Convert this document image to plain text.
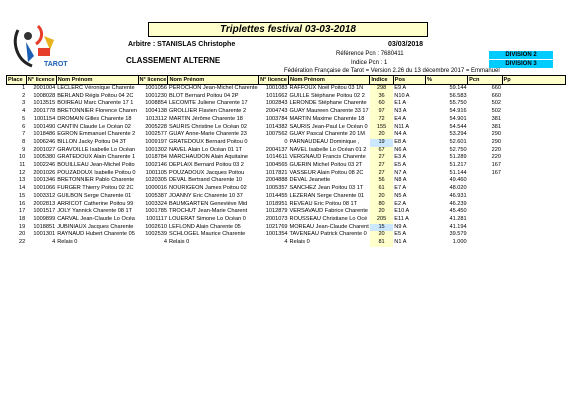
TAROT
Triplettes festival 03-03-2018
Arbitre : STANISLAS Christophe	03/03/2018
Référence Pcn : 7680411
Indice Pcn : 1
DIVISION 2
DIVISION 3
CLASSEMENT ALTERNE
Fédération Française de Tarot = Version 2.26 du 13 décembre 2017 = Emmanuel
Place	N° licence	Nom Prénom	N° licence	Nom Prénom	N° licence	Nom Prénom	Indice	Pos	%	Pcn	Pp
1	2001004	LECLERC Véronique Charente	1001056	PEROCHON Jean-Michel Charente	1001083	RAFFOUX Noël Poitou 03 1N	298	E9 A	59.144	660	
2	1008028	BERLAND Régis Poitou 04 2C	1001230	BLOT Bernard Poitou 04 2P	1011662	GUILLE Stéphane Poitou 02 2	36	N10 A	56.583	660	
3	1013515	BOIREAU Marc Charente 17 1	1008854	LECOMTE Juliene Charente 17	1002843	LERONDE Stéphane Charente	60	E1 A	55.750	502	
4	2001778	BRETONNIER Florence Charen	1004138	GROLLIER Flavien Charente 2	2004743	GUAY Maureen Charente 33 17	97	N3 A	54.916	502	
5	1001154	DROMAIN Gilles Charente 18	1013112	MARTIN Jérôme Charente 18	1003784	MARTIN Maxime Charente 18	72	E4 A	54.901	381	
6	1001490	CANTIN Claude Le Océan 02	2005228	SAURIS Christine Le Océan 02	1014382	SAURIS Jean-Paul Le Océan 0	155	N11 A	54.544	381	
7	1018486	EGRON Emmanuel Charente 2	1002577	GUAY Anne-Marie Charente 23	1007562	GUAY Pascal Charente 20 1M	20	N4 A	53.294	290	
8	1006246	BILLON Jacky Poitou 04 3T	1009197	GRATEDOUX Bernard Poitou 0	0	PARNAUDEAU Dominique ,	19	E8 A	52.601	290	
9	2001027	GRAVOILLE Isabelle Lo Océan	1001302	NAVEL Alain Lo Océan 01 1T	2004137	NAVEL Isabelle Lo Océan 01 2	67	N6 A	52.750	220	
10	1005380	GRATEDOUX Alain Charente 1	1018784	MARCHAUDON Alain Aquitaine	1014611	VERGNAUD Francis Charente	27	E3 A	51.289	220	
11	1002246	BOUILLEAU Jean-Michel Poito	1002146	DEPLAIX Bernard Poitou 03 2	1004565	GUERIN Michel Poitou 03 2T	27	E5 A	51.217	167	
12	2001026	POUZADOUX Isabelle Poitou 0	1001105	POUZADOUX Jacques Poitou	1017821	VASSEUR Alain Poitou 08 2C	27	N7 A	51.144	167	
13	1001346	BRETONNIER Pablo Charente	1020305	DEVAL Bertrand Charente 10	2004888	DEVAL Jeanette	56	N8 A	49.460		
14	1001066	FURGER Thierry Poitou 02 2C	1000016	NOURIGEON James Poitou 02	1005357	SANCHEZ Jean Poitou 03 1T	61	E7 A	48.020		
15	1003312	GUILBON Serge Charente 01	1005387	JOANNY Eric Charente 10 37	1014455	LEZERAN Serge Charente 01	20	N5 A	46.931		
16	2002813	ARRICOT Catherine Poitou 99	1003324	BAUMGARTEN Geneviève Mid	1018951	REVEAU Eric Poitou 08 1T	80	E2 A	46.239		
17	1001517	JOLY Yannick Charente 08 1T	1001785	TROCHUT Jean-Marie Charent	1012879	VERSAVAUD Fabrice Charente	20	E10 A	45.450		
18	1009899	CARVAL Jean-Claude Lo Océa	1001117	LOUERAT Simone Lo Océan 0	2001073	ROUSSEAU Christiane Lo Océ	205	E11 A	41.281		
19	1018851	JUBINIAUX Jacques Charente	1002610	LEFLOND Alain Charente 05	1021769	MOREAU Jean-Claude Charent	15	N9 A	41.194		
20	1001301	RAYNAUD Hubert Charente 05	1002539	SCHLOGEL Maurice Charente	1001354	TAVENEAU Patrick Charente 0	20	E5 A	39.579		
22	4	Relais 0	4	Relais 0	4	Relais 0	81	N1 A	1.000		
